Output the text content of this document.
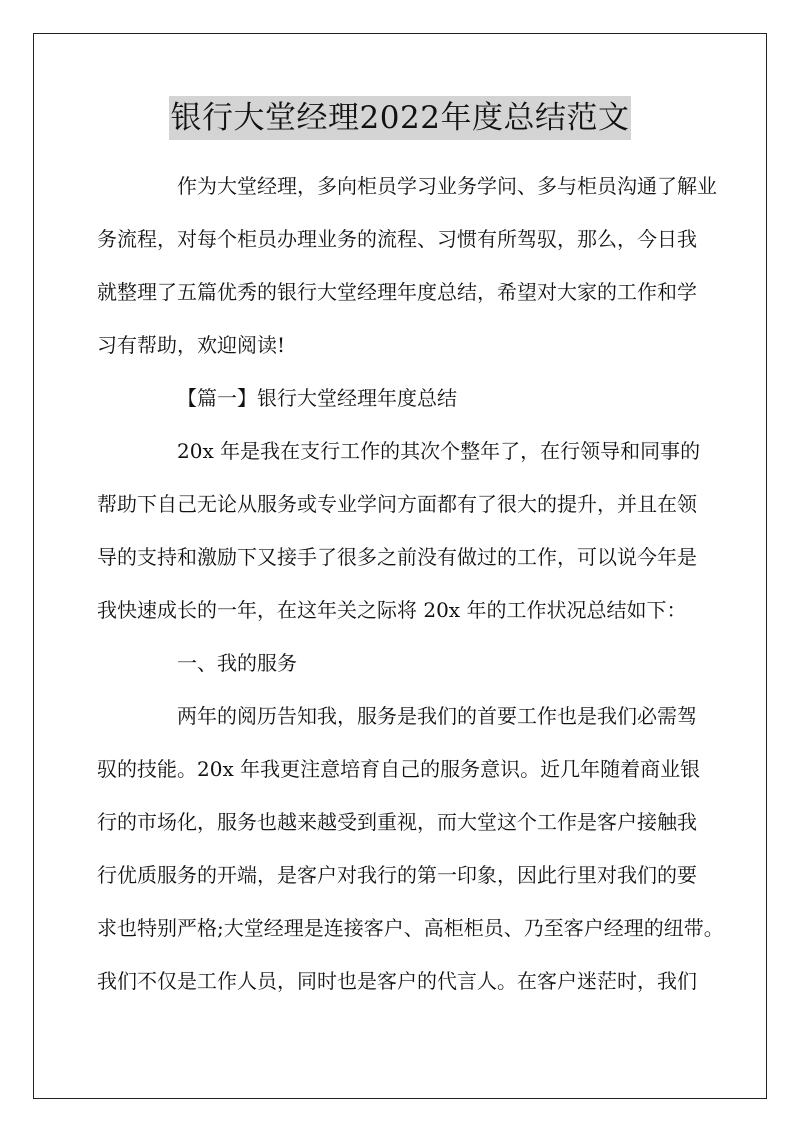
银行大堂经理2022年度总结范文

作为大堂经理，多向柜员学习业务学问、多与柜员沟通了解业
务流程，对每个柜员办理业务的流程、习惯有所驾驭，那么，今日我
就整理了五篇优秀的银行大堂经理年度总结，希望对大家的工作和学
习有帮助，欢迎阅读!

【篇一】银行大堂经理年度总结

20x 年是我在支行工作的其次个整年了，在行领导和同事的
帮助下自己无论从服务或专业学问方面都有了很大的提升，并且在领
导的支持和激励下又接手了很多之前没有做过的工作，可以说今年是
我快速成长的一年，在这年关之际将 20x 年的工作状况总结如下：

一、我的服务

两年的阅历告知我，服务是我们的首要工作也是我们必需驾
驭的技能。20x 年我更注意培育自己的服务意识。近几年随着商业银
行的市场化，服务也越来越受到重视，而大堂这个工作是客户接触我
行优质服务的开端，是客户对我行的第一印象，因此行里对我们的要
求也特别严格;大堂经理是连接客户、高柜柜员、乃至客户经理的纽带。
我们不仅是工作人员，同时也是客户的代言人。在客户迷茫时，我们
